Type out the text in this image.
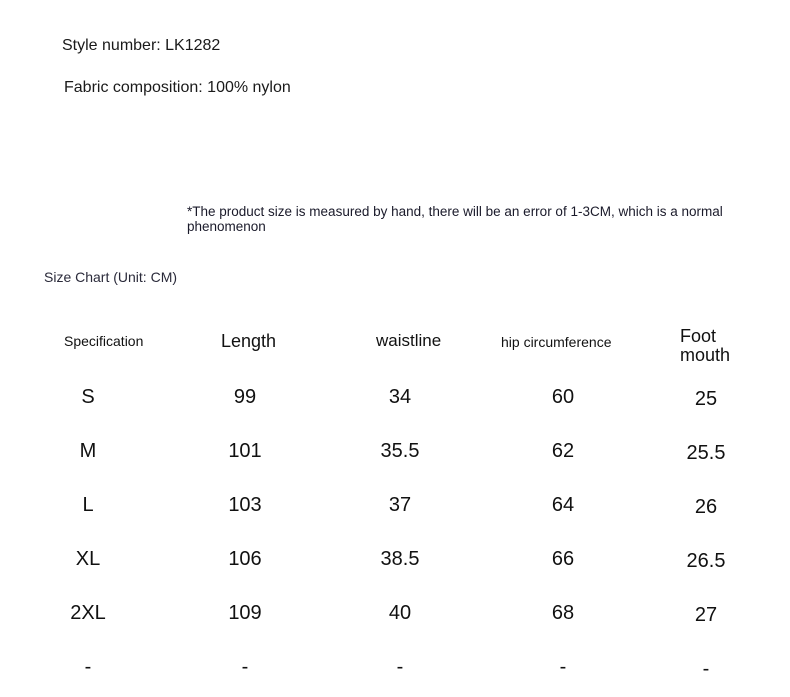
Style number: LK1282
Fabric composition: 100% nylon
*The product size is measured by hand, there will be an error of 1-3CM, which is a normal phenomenon
Size Chart (Unit: CM)
Specification	Length	waistline	hip circumference	Foot
mouth
S	99	34	60	25
M	101	35.5	62	25.5
L	103	37	64	26
XL	106	38.5	66	26.5
2XL	109	40	68	27
-	-	-	-	-
